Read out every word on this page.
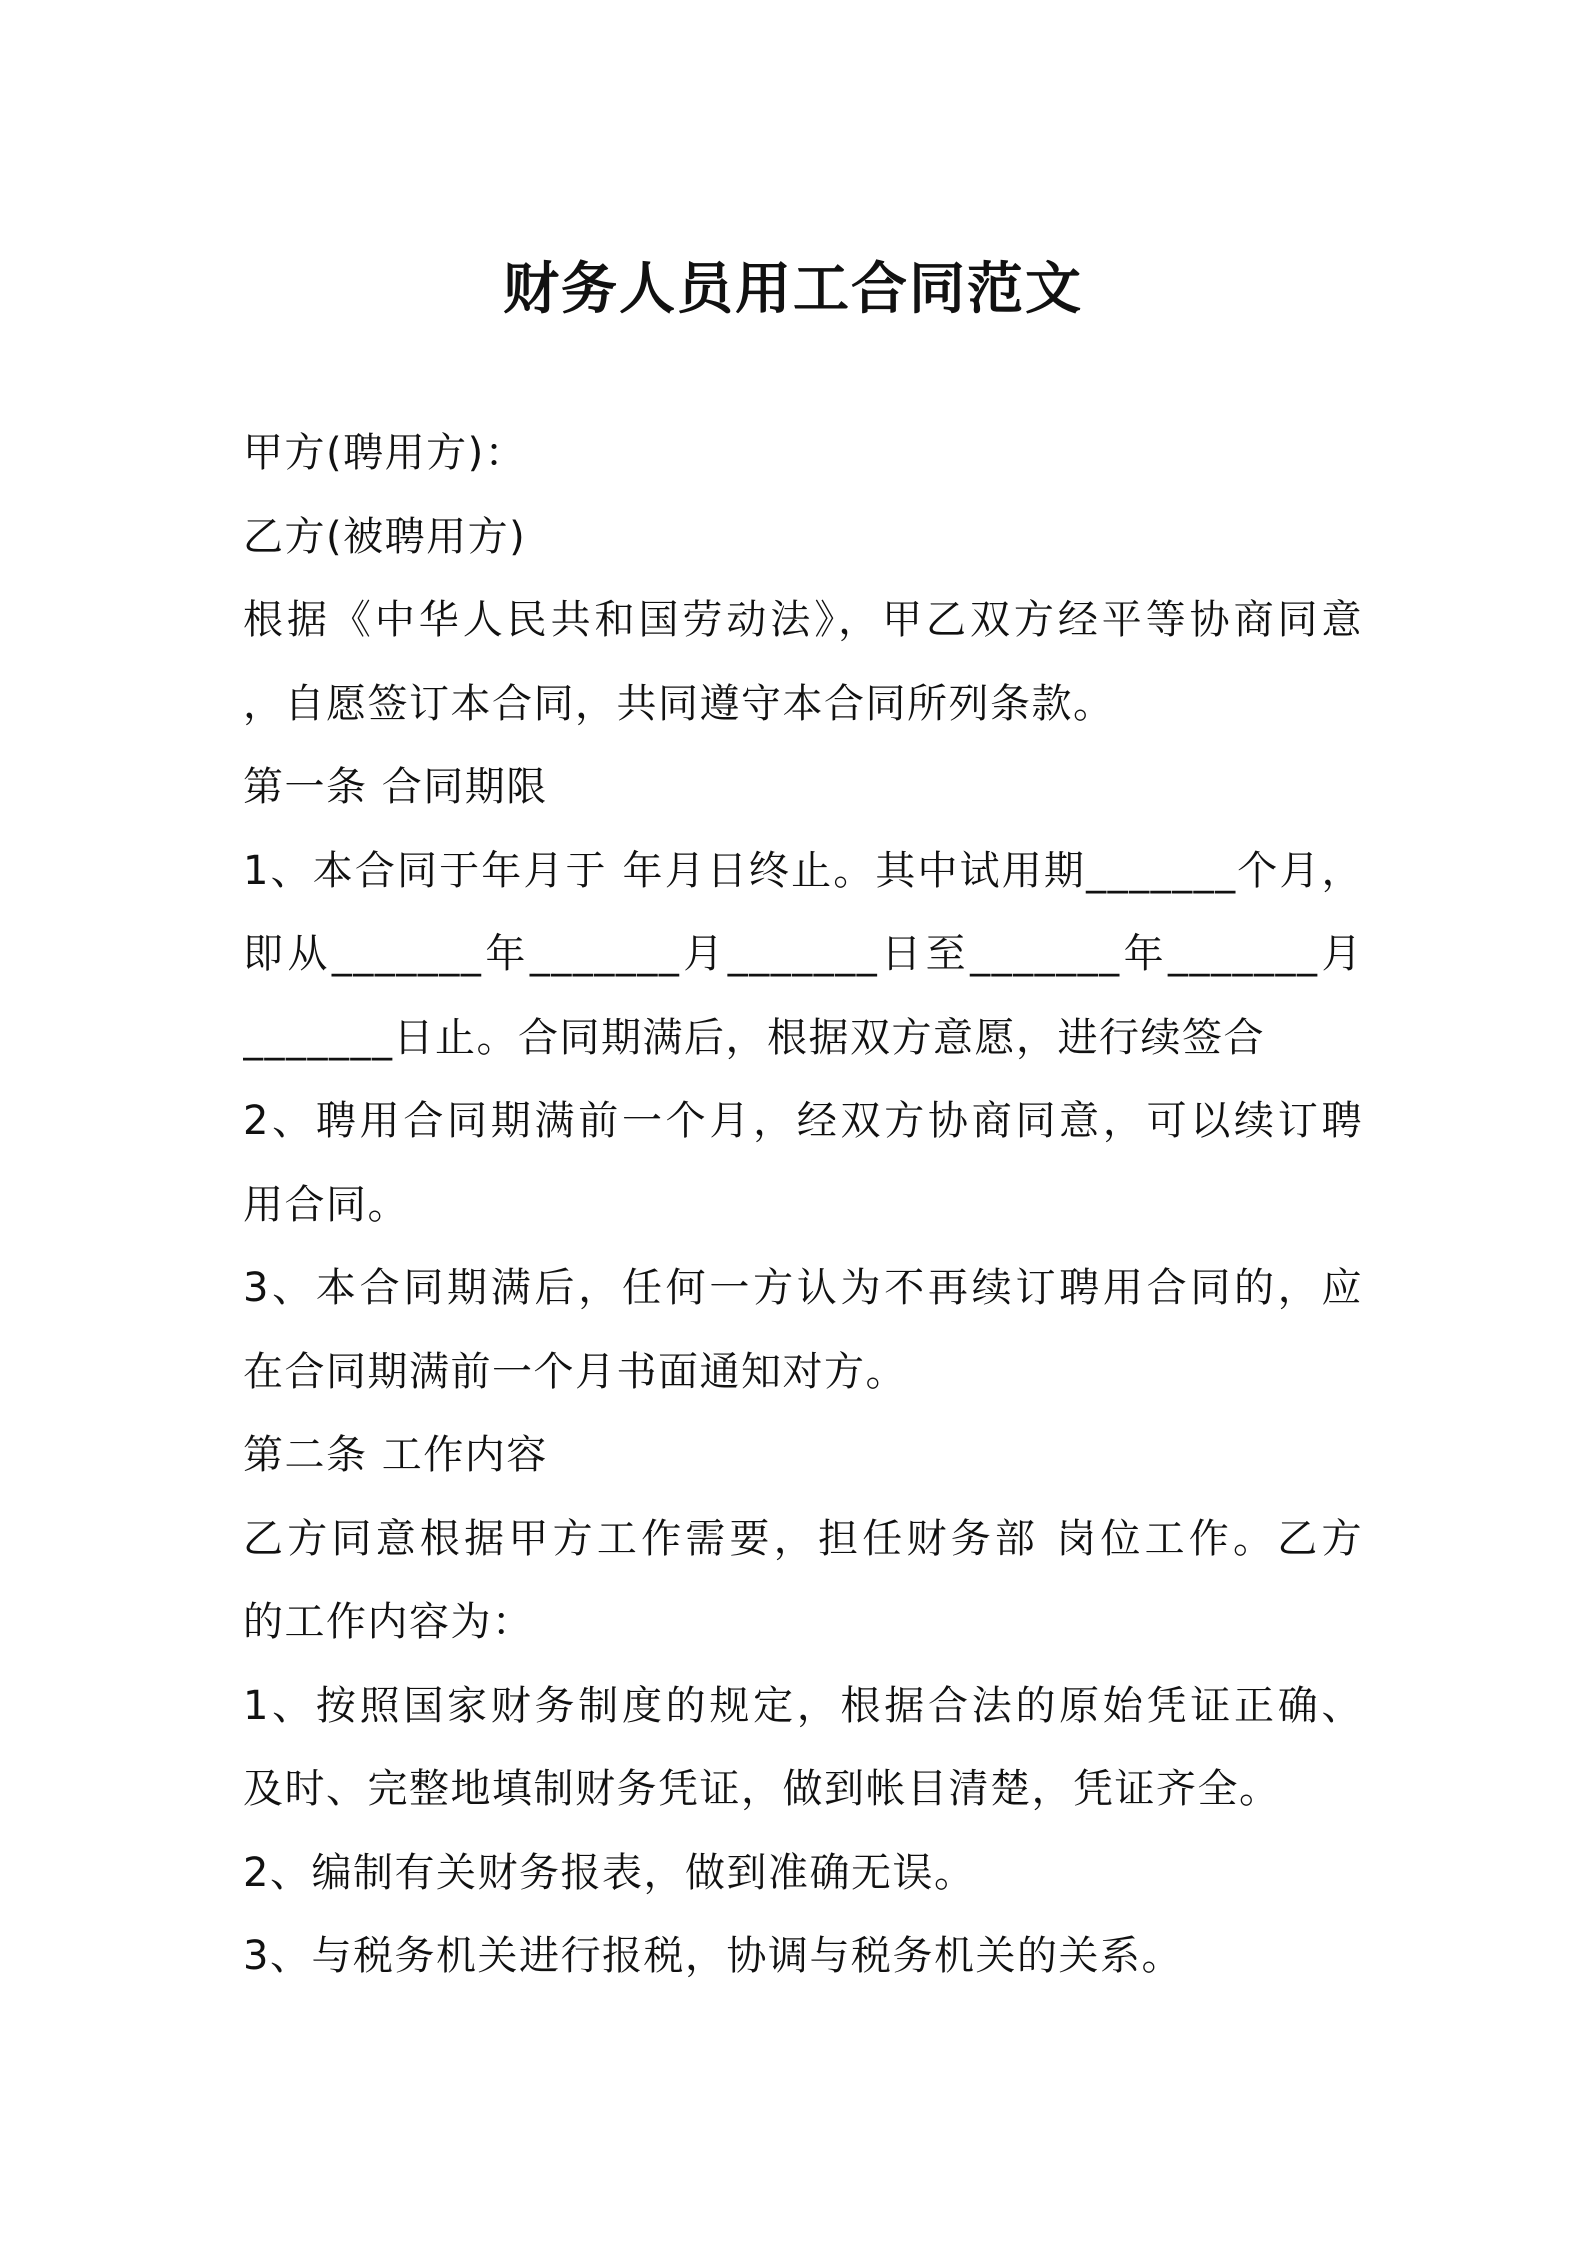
财务人员用工合同范文
甲方(聘用方)：
乙方(被聘用方)
根据《中华人民共和国劳动法》，甲乙双方经平等协商同意
，自愿签订本合同，共同遵守本合同所列条款。
第一条 合同期限
1、本合同于年月于 年月日终止。其中试用期_______个月，
即从_______年_______月_______日至_______年_______月
_______日止。合同期满后，根据双方意愿，进行续签合
2、聘用合同期满前一个月，经双方协商同意，可以续订聘
用合同。
3、本合同期满后，任何一方认为不再续订聘用合同的，应
在合同期满前一个月书面通知对方。
第二条 工作内容
乙方同意根据甲方工作需要，担任财务部 岗位工作。乙方
的工作内容为：
1、按照国家财务制度的规定，根据合法的原始凭证正确、
及时、完整地填制财务凭证，做到帐目清楚，凭证齐全。
2、编制有关财务报表，做到准确无误。
3、与税务机关进行报税，协调与税务机关的关系。
